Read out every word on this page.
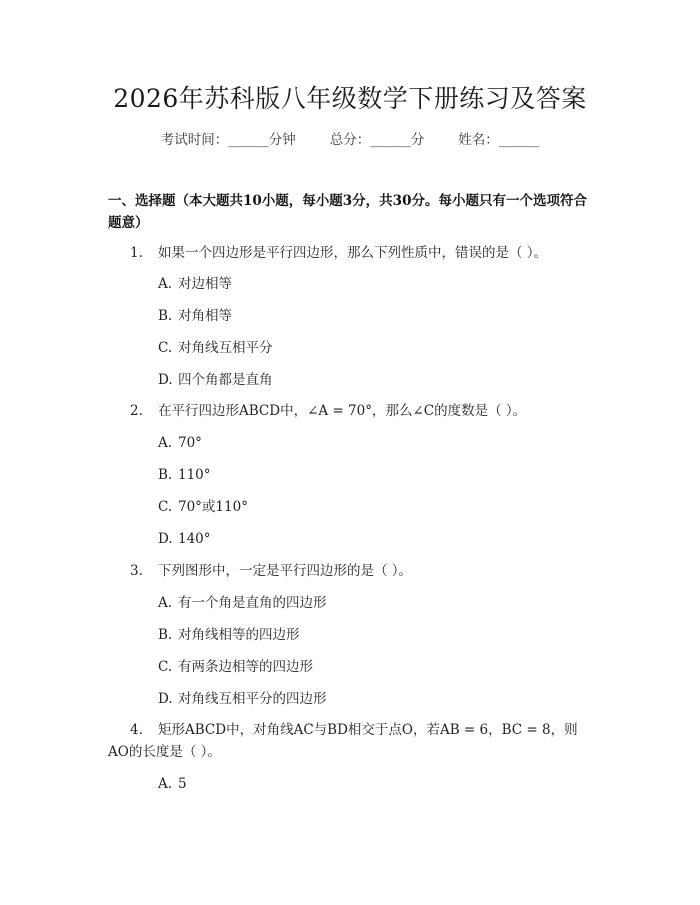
2026年苏科版八年级数学下册练习及答案
考试时间：______分钟	总分：______分	姓名：______
一、选择题（本大题共10小题，每小题3分，共30分。每小题只有一个选项符合题意）
1. 如果一个四边形是平行四边形，那么下列性质中，错误的是（ ）。
A. 对边相等
B. 对角相等
C. 对角线互相平分
D. 四个角都是直角
2. 在平行四边形ABCD中，∠A = 70°，那么∠C的度数是（ ）。
A. 70°
B. 110°
C. 70°或110°
D. 140°
3. 下列图形中，一定是平行四边形的是（ ）。
A. 有一个角是直角的四边形
B. 对角线相等的四边形
C. 有两条边相等的四边形
D. 对角线互相平分的四边形
4. 矩形ABCD中，对角线AC与BD相交于点O，若AB = 6，BC = 8，则AO的长度是（ ）。
A. 5
